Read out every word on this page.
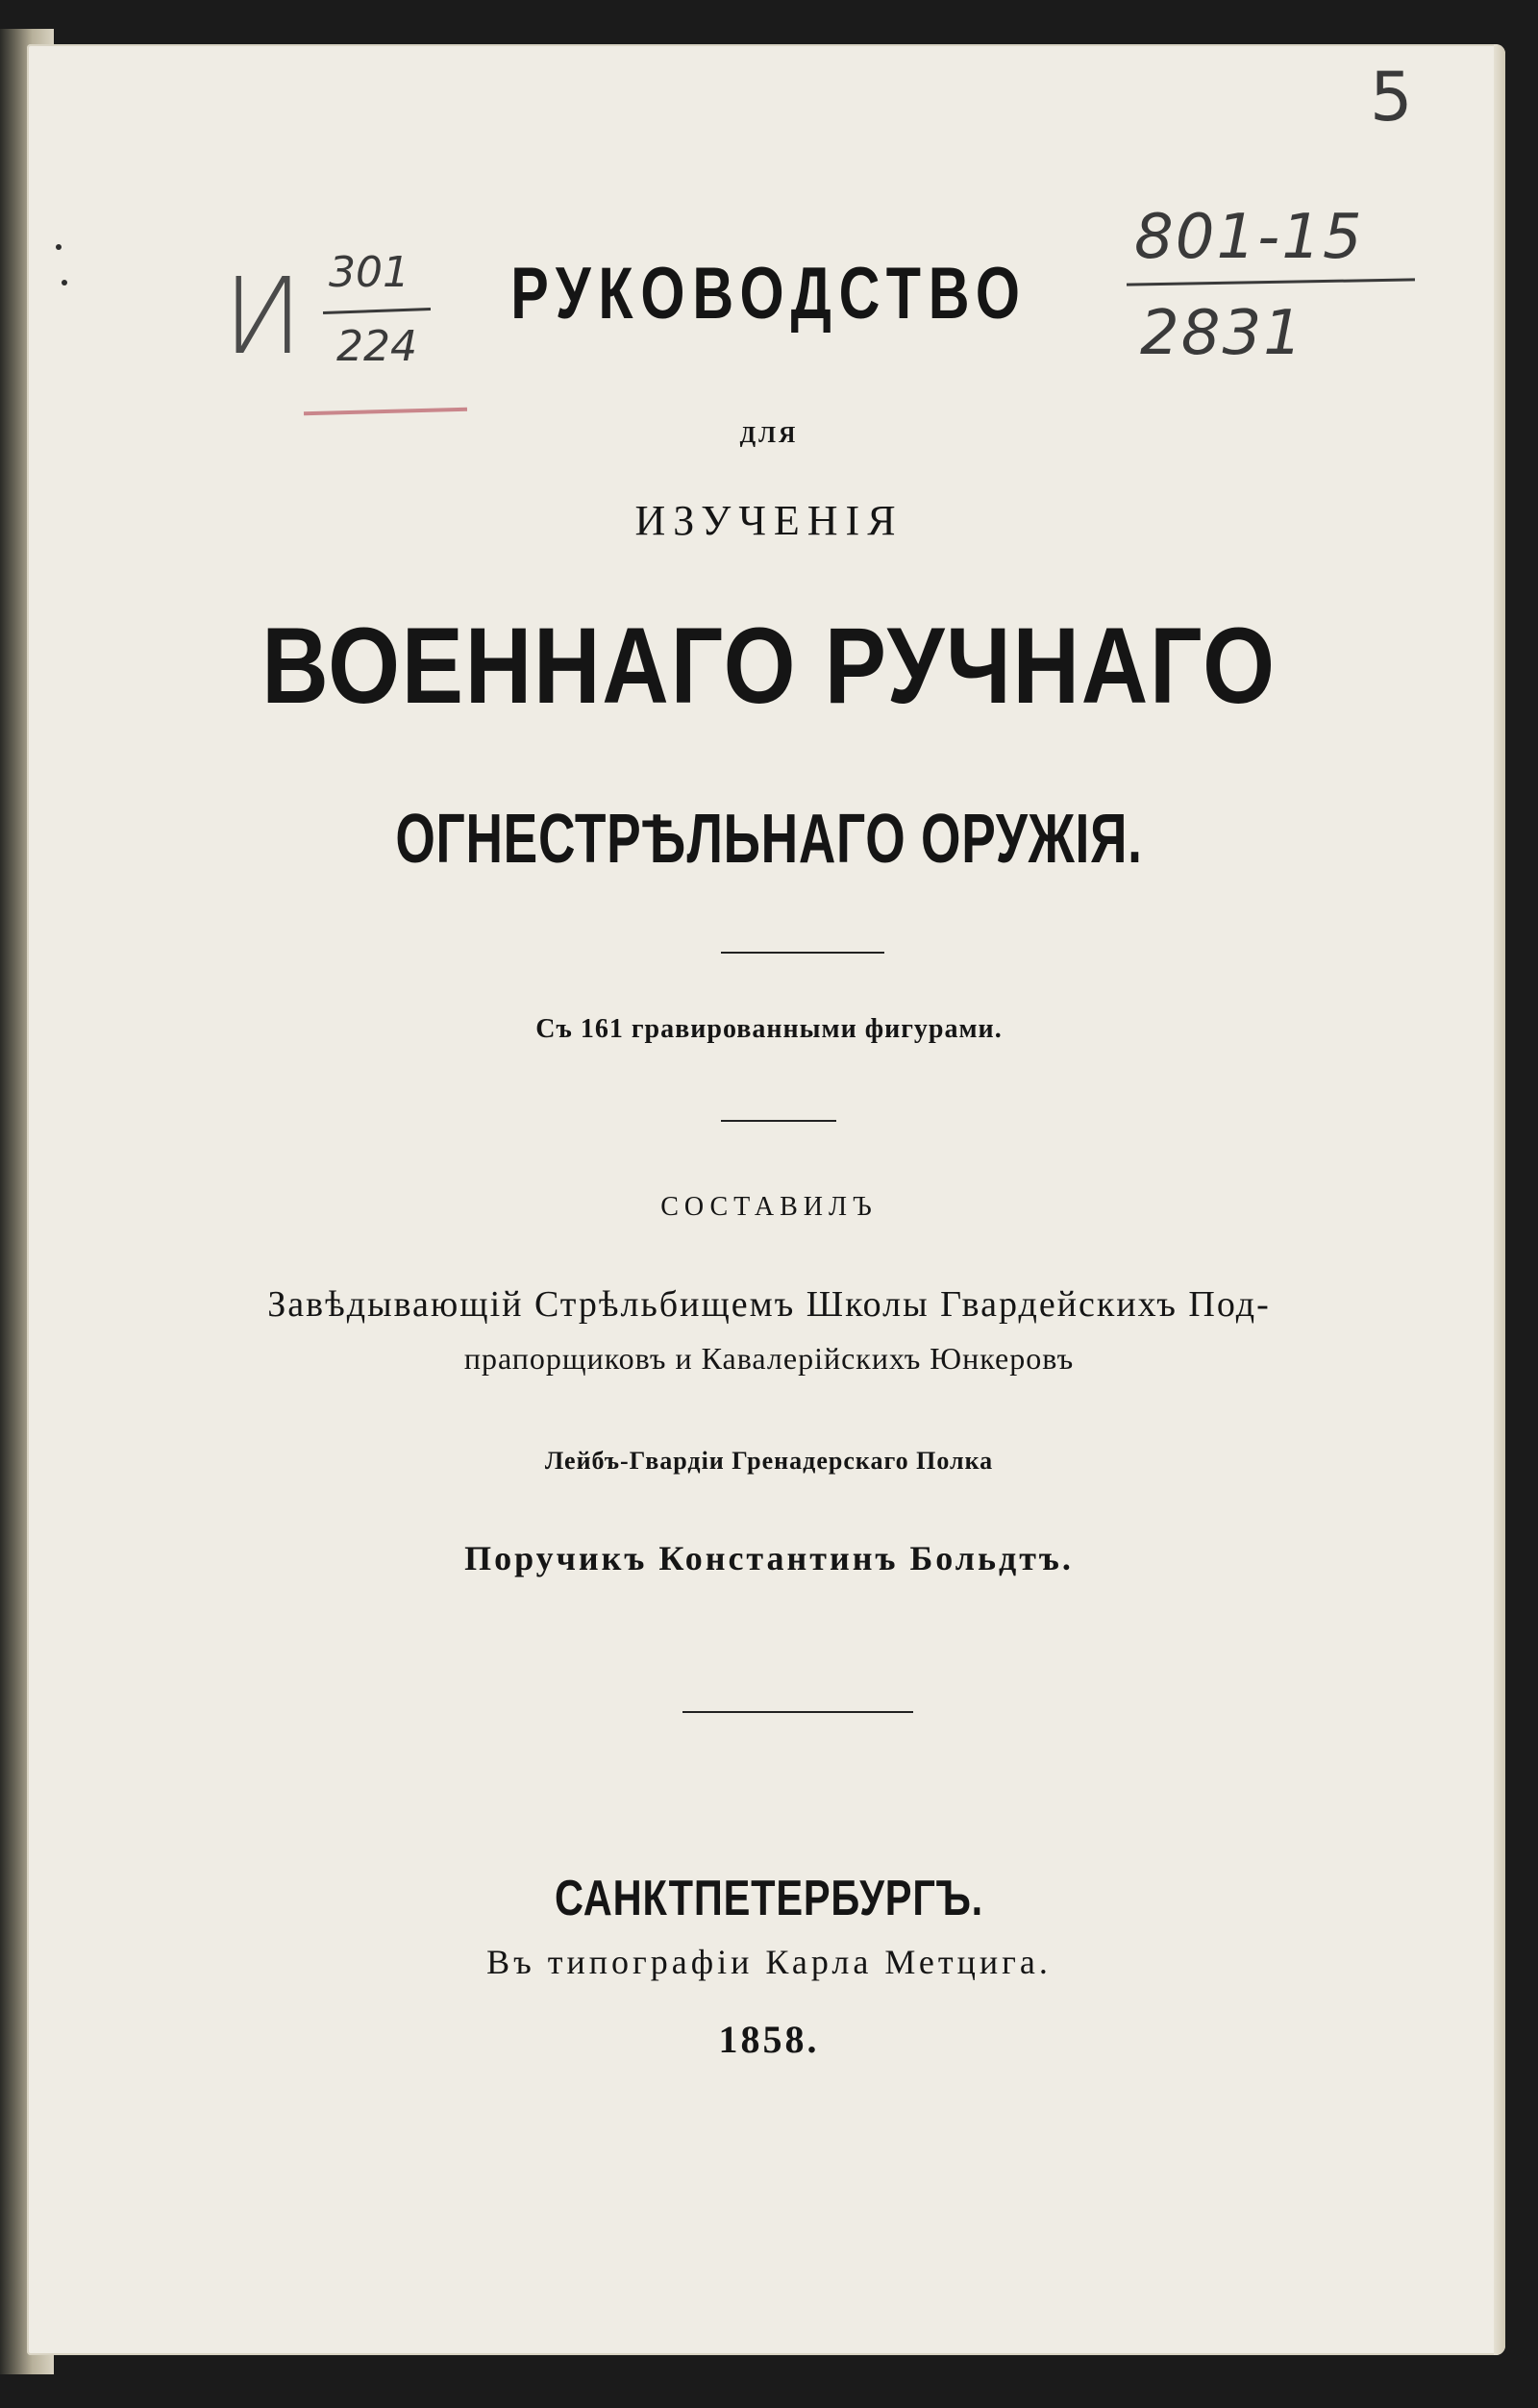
И 301
224
801-15
2831
5
РУКОВОДСТВО
ДЛЯ
ИЗУЧЕНІЯ
ВОЕННАГО РУЧНАГО
ОГНЕСТРѢЛЬНАГО ОРУЖІЯ.
Съ 161 гравированными фигурами.
СОСТАВИЛЪ
Завѣдывающій Стрѣльбищемъ Школы Гвардейскихъ Под-
прапорщиковъ и Кавалерійскихъ Юнкеровъ
Лейбъ-Гвардіи Гренадерскаго Полка
Поручикъ Константинъ Больдтъ.
САНКТПЕТЕРБУРГЪ.
Въ типографіи Карла Метцига.
1858.
